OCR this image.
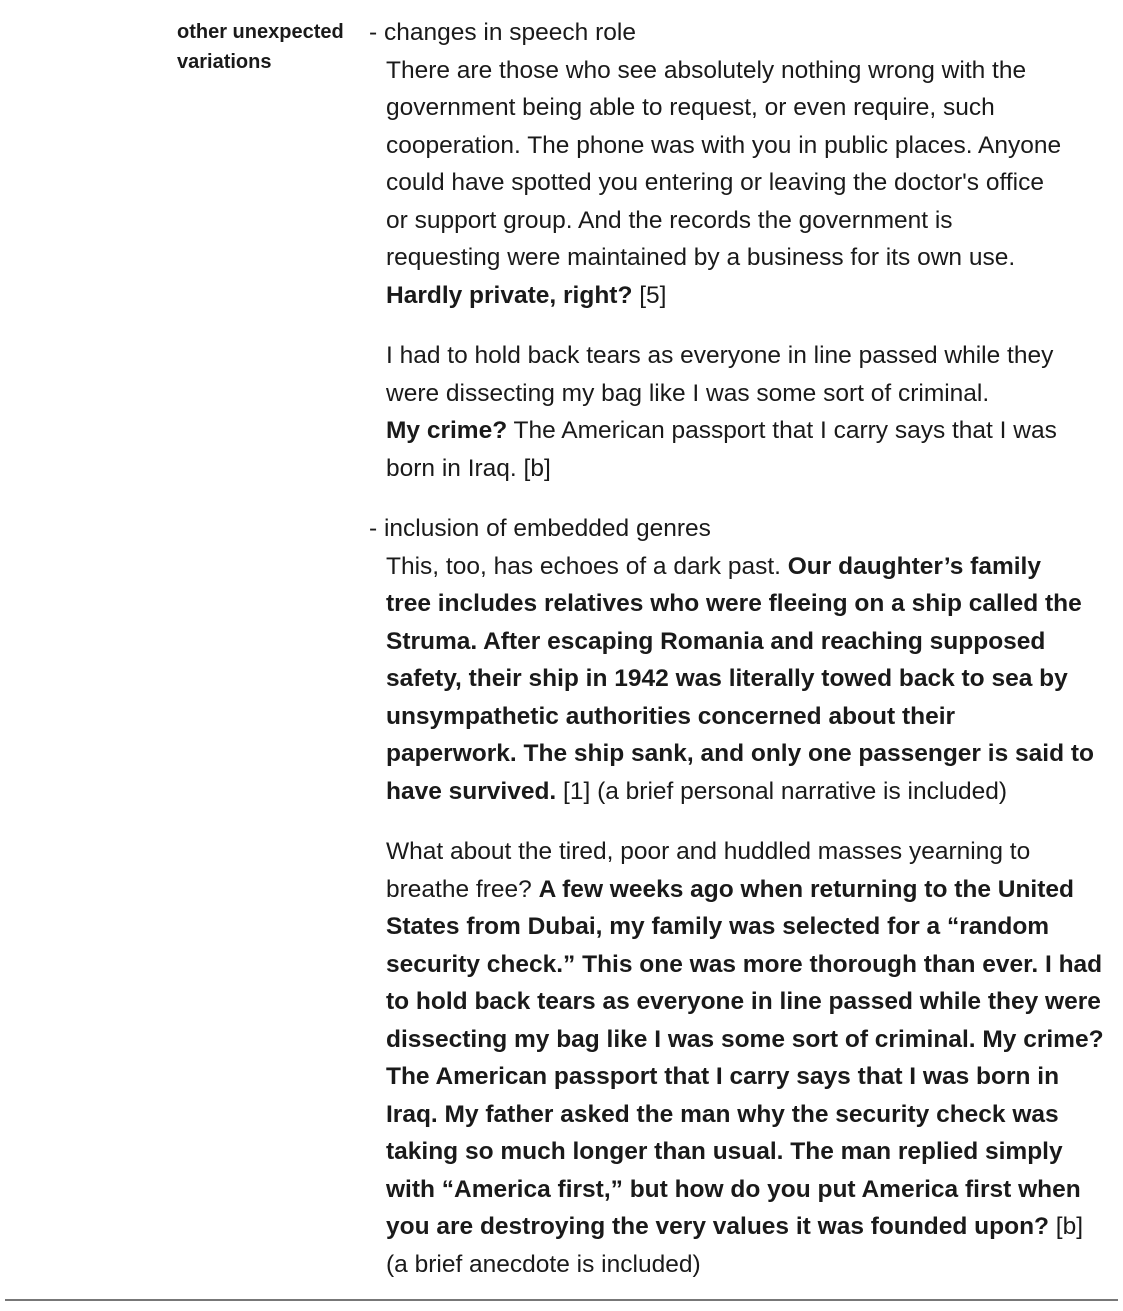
other unexpected
variations
- changes in speech role
There are those who see absolutely nothing wrong with the
government being able to request, or even require, such
cooperation. The phone was with you in public places. Anyone
could have spotted you entering or leaving the doctor's office
or support group. And the records the government is
requesting were maintained by a business for its own use.
Hardly private, right? [5]
I had to hold back tears as everyone in line passed while they
were dissecting my bag like I was some sort of criminal.
My crime? The American passport that I carry says that I was
born in Iraq. [b]
- inclusion of embedded genres
This, too, has echoes of a dark past. Our daughter’s family
tree includes relatives who were fleeing on a ship called the
Struma. After escaping Romania and reaching supposed
safety, their ship in 1942 was literally towed back to sea by
unsympathetic authorities concerned about their
paperwork. The ship sank, and only one passenger is said to
have survived. [1] (a brief personal narrative is included)
What about the tired, poor and huddled masses yearning to
breathe free? A few weeks ago when returning to the United
States from Dubai, my family was selected for a “random
security check.” This one was more thorough than ever. I had
to hold back tears as everyone in line passed while they were
dissecting my bag like I was some sort of criminal. My crime?
The American passport that I carry says that I was born in
Iraq. My father asked the man why the security check was
taking so much longer than usual. The man replied simply
with “America first,” but how do you put America first when
you are destroying the very values it was founded upon? [b]
(a brief anecdote is included)
